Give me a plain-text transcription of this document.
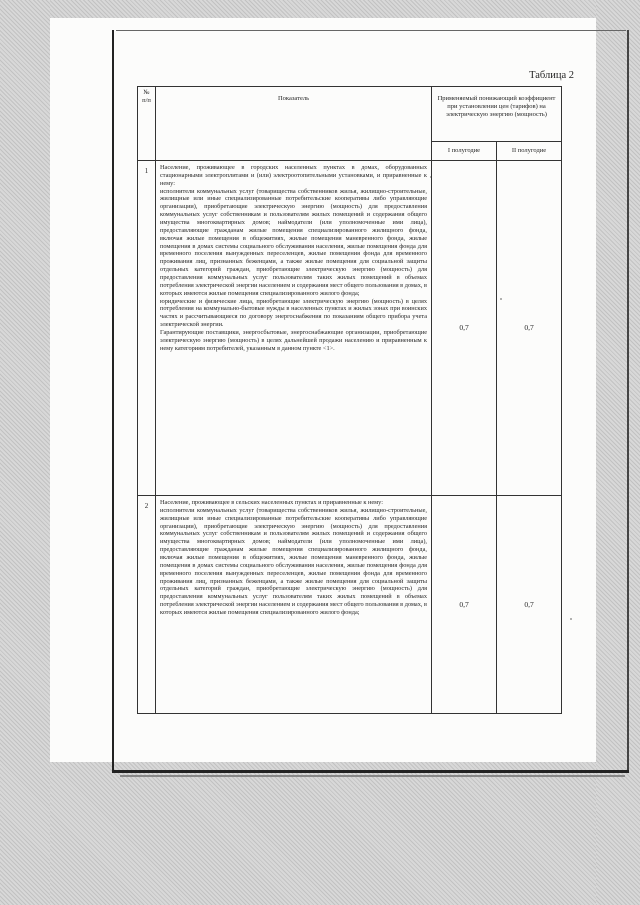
Таблица 2
№ п/п	Показатель	Применяемый понижающий коэффициент при установлении цен (тарифов) на электрическую энергию (мощность)	
		I полугодие	II полугодие
1	Население, проживающее в городских населенных пунктах в домах, оборудованных стационарными электроплитами и (или) электроотопительными установками, и приравненные к нему:

исполнители коммунальных услуг (товарищества собственников жилья, жилищно-строительные, жилищные или иные специализированные потребительские кооперативы либо управляющие организации), приобретающие электрическую энергию (мощность) для предоставления коммунальных услуг собственникам и пользователям жилых помещений и содержания общего имущества многоквартирных домов; наймодатели (или уполномоченные ими лица), предоставляющие гражданам жилые помещения специализированного жилищного фонда, включая жилые помещения в общежитиях, жилые помещения маневренного фонда, жилые помещения в домах системы социального обслуживания населения, жилые помещения фонда для временного поселения вынужденных переселенцев, жилые помещения фонда для временного проживания лиц, признанных беженцами, а также жилые помещения для социальной защиты отдельных категорий граждан, приобретающие электрическую энергию (мощность) для предоставления коммунальных услуг пользователям таких жилых помещений в объемах потребления электрической энергии населением и содержания мест общего пользования в домах, в которых имеются жилые помещения специализированного жилого фонда;

юридические и физические лица, приобретающие электрическую энергию (мощность) в целях потребления на коммунально-бытовые нужды в населенных пунктах и жилых зонах при воинских частях и рассчитывающиеся по договору энергоснабжения по показаниям общего прибора учета электрической энергии.

Гарантирующие поставщики, энергосбытовые, энергоснабжающие организации, приобретающие электрическую энергию (мощность) в целях дальнейшей продажи населению и приравненным к нему категориям потребителей, указанным в данном пункте <1>.	0,7	0,7
2	Население, проживающее в сельских населенных пунктах и приравненные к нему:

исполнители коммунальных услуг (товарищества собственников жилья, жилищно-строительные, жилищные или иные специализированные потребительские кооперативы либо управляющие организации), приобретающие электрическую энергию (мощность) для предоставления коммунальных услуг собственникам и пользователям жилых помещений и содержания общего имущества многоквартирных домов; наймодатели (или уполномоченные ими лица), предоставляющие гражданам жилые помещения специализированного жилищного фонда, включая жилые помещения в общежитиях, жилые помещения маневренного фонда, жилые помещения в домах системы социального обслуживания населения, жилые помещения фонда для временного поселения вынужденных переселенцев, жилые помещения фонда для временного проживания лиц, признанных беженцами, а также жилые помещения для социальной защиты отдельных категорий граждан, приобретающие электрическую энергию (мощность) для предоставления коммунальных услуг пользователям таких жилых помещений в объемах потребления электрической энергии населением и содержания мест общего пользования в домах, в которых имеются жилые помещения специализированного жилого фонда;	0,7	0,7
